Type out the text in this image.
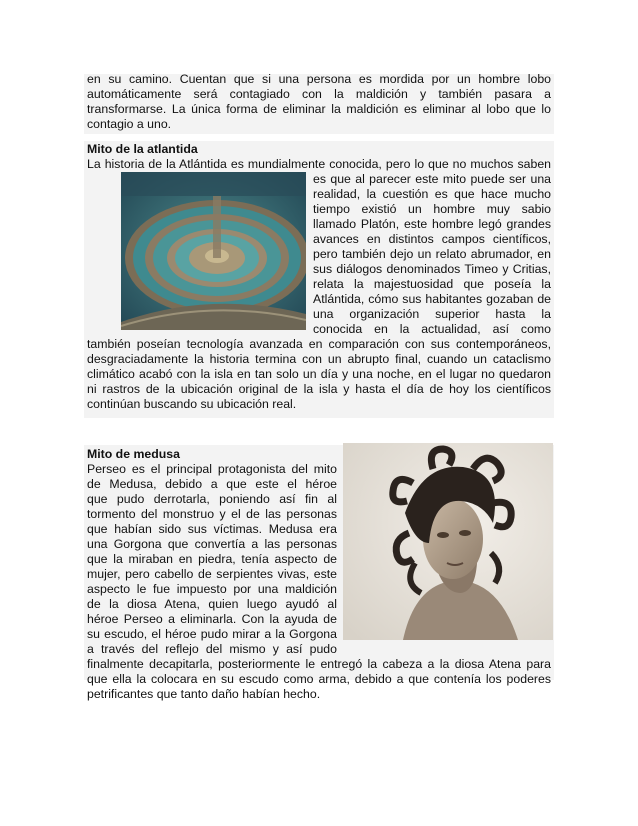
en su camino. Cuentan que si una persona es mordida por un hombre lobo
automáticamente será contagiado con la maldición y también pasara a
transformarse. La única forma de eliminar la maldición es eliminar al lobo que lo
contagio a uno.
Mito de la atlantida
La historia de la Atlántida es mundialmente conocida, pero lo que no muchos saben
es que al parecer este mito puede ser una
realidad, la cuestión es que hace mucho
tiempo existió un hombre muy sabio
llamado Platón, este hombre legó grandes
avances en distintos campos científicos,
pero también dejo un relato abrumador, en
sus diálogos denominados Timeo y Critias,
relata la majestuosidad que poseía la
Atlántida, cómo sus habitantes gozaban de
una organización superior hasta la
conocida en la actualidad, así como
también poseían tecnología avanzada en comparación con sus contemporáneos,
desgraciadamente la historia termina con un abrupto final, cuando un cataclismo
climático acabó con la isla en tan solo un día y una noche, en el lugar no quedaron
ni rastros de la ubicación original de la isla y hasta el día de hoy los científicos
continúan buscando su ubicación real.
Mito de medusa
Perseo es el principal protagonista del mito
de Medusa, debido a que este el héroe
que pudo derrotarla, poniendo así fin al
tormento del monstruo y el de las personas
que habían sido sus víctimas. Medusa era
una Gorgona que convertía a las personas
que la miraban en piedra, tenía aspecto de
mujer, pero cabello de serpientes vivas, este
aspecto le fue impuesto por una maldición
de la diosa Atena, quien luego ayudó al
héroe Perseo a eliminarla. Con la ayuda de
su escudo, el héroe pudo mirar a la Gorgona
a través del reflejo del mismo y así pudo
finalmente decapitarla, posteriormente le entregó la cabeza a la diosa Atena para
que ella la colocara en su escudo como arma, debido a que contenía los poderes
petrificantes que tanto daño habían hecho.
